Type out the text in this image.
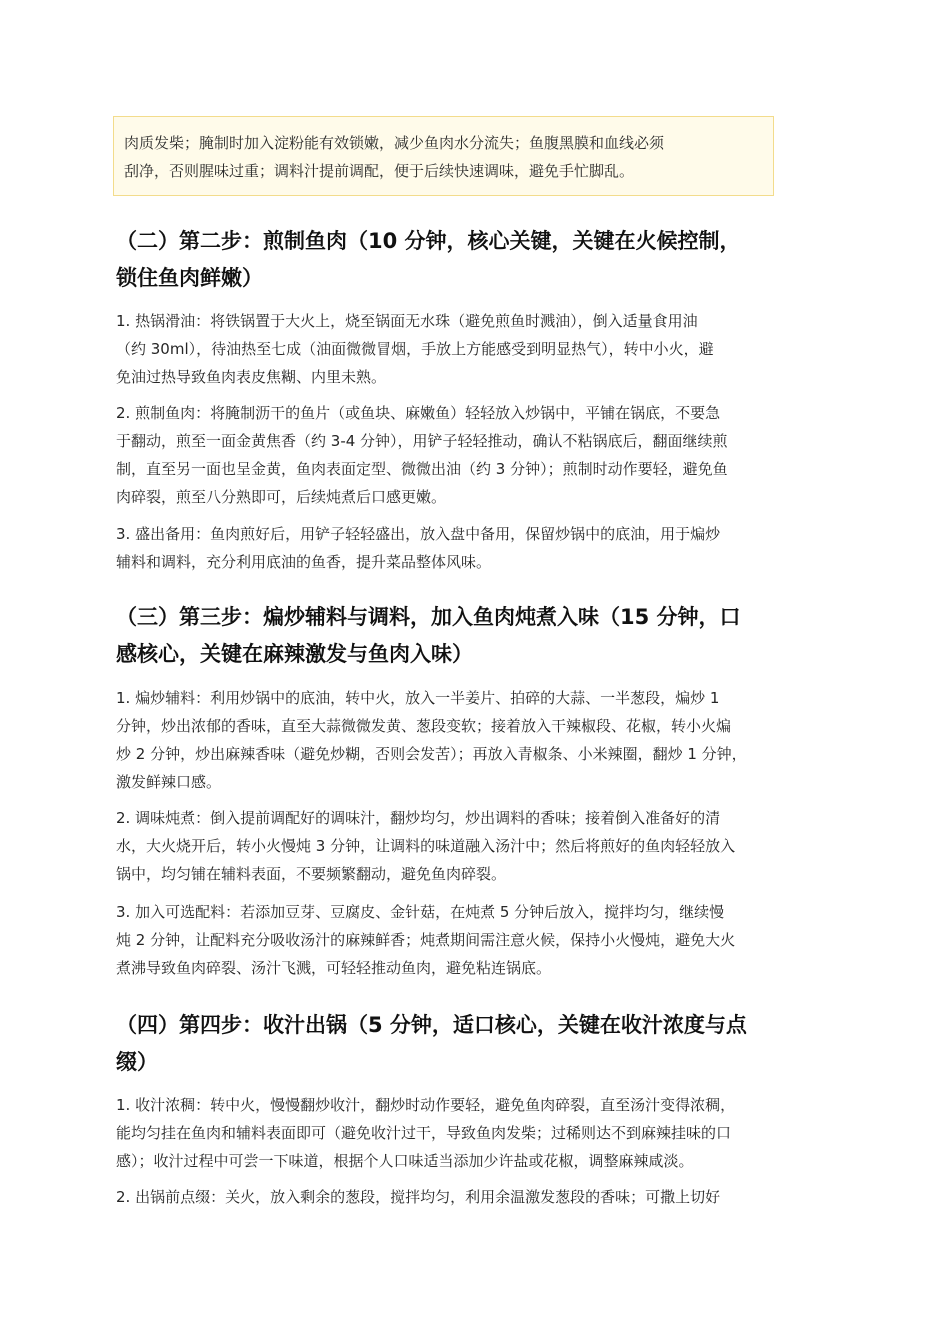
肉质发柴；腌制时加入淀粉能有效锁嫩，减少鱼肉水分流失；鱼腹黑膜和血线必须

刮净，否则腥味过重；调料汁提前调配，便于后续快速调味，避免手忙脚乱。

（二）第二步：煎制鱼肉（10 分钟，核心关键，关键在火候控制，
锁住鱼肉鲜嫩）

1. 热锅滑油：将铁锅置于大火上，烧至锅面无水珠（避免煎鱼时溅油），倒入适量食用油
（约 30ml），待油热至七成（油面微微冒烟，手放上方能感受到明显热气），转中小火，避
免油过热导致鱼肉表皮焦糊、内里未熟。

2. 煎制鱼肉：将腌制沥干的鱼片（或鱼块、麻嫩鱼）轻轻放入炒锅中，平铺在锅底，不要急
于翻动，煎至一面金黄焦香（约 3-4 分钟），用铲子轻轻推动，确认不粘锅底后，翻面继续煎
制，直至另一面也呈金黄，鱼肉表面定型、微微出油（约 3 分钟）；煎制时动作要轻，避免鱼
肉碎裂，煎至八分熟即可，后续炖煮后口感更嫩。

3. 盛出备用：鱼肉煎好后，用铲子轻轻盛出，放入盘中备用，保留炒锅中的底油，用于煸炒
辅料和调料，充分利用底油的鱼香，提升菜品整体风味。

（三）第三步：煸炒辅料与调料，加入鱼肉炖煮入味（15 分钟，口
感核心，关键在麻辣激发与鱼肉入味）

1. 煸炒辅料：利用炒锅中的底油，转中火，放入一半姜片、拍碎的大蒜、一半葱段，煸炒 1
分钟，炒出浓郁的香味，直至大蒜微微发黄、葱段变软；接着放入干辣椒段、花椒，转小火煸
炒 2 分钟，炒出麻辣香味（避免炒糊，否则会发苦）；再放入青椒条、小米辣圈，翻炒 1 分钟，
激发鲜辣口感。

2. 调味炖煮：倒入提前调配好的调味汁，翻炒均匀，炒出调料的香味；接着倒入准备好的清
水，大火烧开后，转小火慢炖 3 分钟，让调料的味道融入汤汁中；然后将煎好的鱼肉轻轻放入
锅中，均匀铺在辅料表面，不要频繁翻动，避免鱼肉碎裂。

3. 加入可选配料：若添加豆芽、豆腐皮、金针菇，在炖煮 5 分钟后放入，搅拌均匀，继续慢
炖 2 分钟，让配料充分吸收汤汁的麻辣鲜香；炖煮期间需注意火候，保持小火慢炖，避免大火
煮沸导致鱼肉碎裂、汤汁飞溅，可轻轻推动鱼肉，避免粘连锅底。

（四）第四步：收汁出锅（5 分钟，适口核心，关键在收汁浓度与点
缀）

1. 收汁浓稠：转中火，慢慢翻炒收汁，翻炒时动作要轻，避免鱼肉碎裂，直至汤汁变得浓稠，
能均匀挂在鱼肉和辅料表面即可（避免收汁过干，导致鱼肉发柴；过稀则达不到麻辣挂味的口
感）；收汁过程中可尝一下味道，根据个人口味适当添加少许盐或花椒，调整麻辣咸淡。

2. 出锅前点缀：关火，放入剩余的葱段，搅拌均匀，利用余温激发葱段的香味；可撒上切好
